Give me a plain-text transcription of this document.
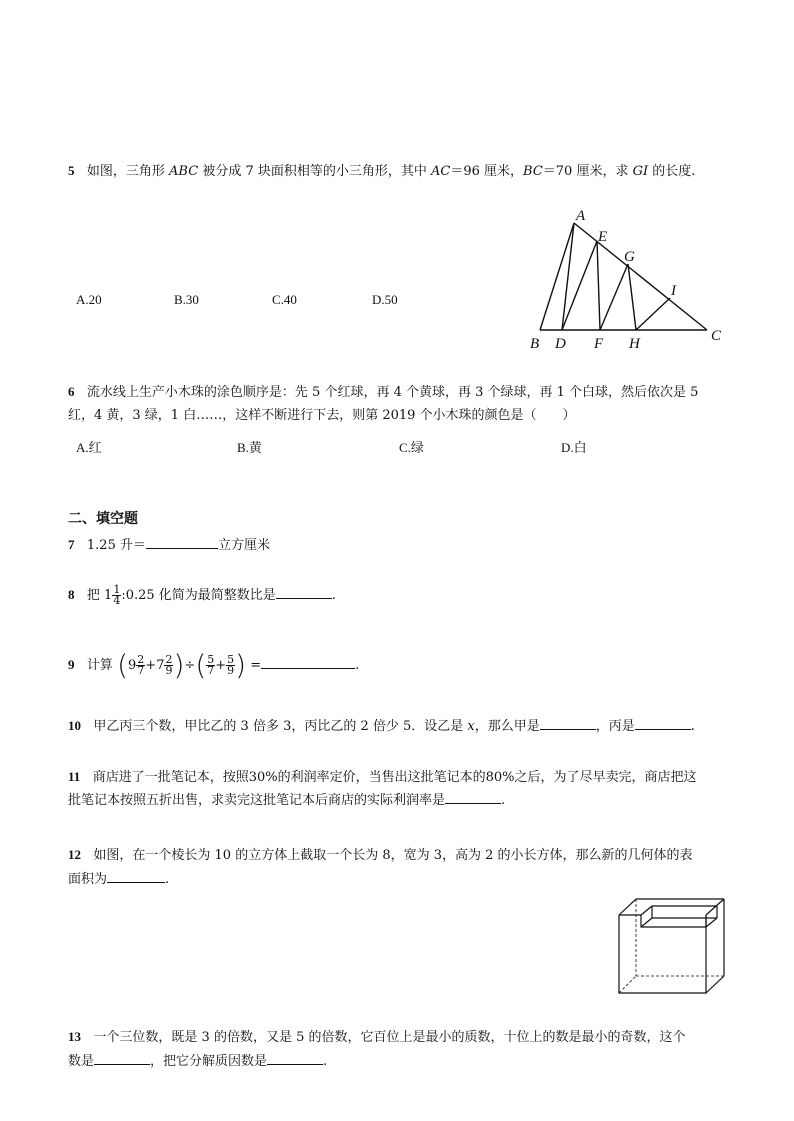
5 如图，三角形 ABC 被分成 7 块面积相等的小三角形，其中 AC＝96 厘米，BC＝70 厘米，求 GI 的长度.
A.20	B.30	C.40	D.50
A
E
G
I
B D F H	C
6 流水线上生产小木珠的涂色顺序是：先 5 个红球，再 4 个黄球，再 3 个绿球，再 1 个白球，然后依次是 5
红，4 黄，3 绿，1 白……，这样不断进行下去，则第 2019 个小木珠的颜色是（　　）
A.红	B.黄	C.绿	D.白
二、填空题
7 1.25 升＝	立方厘米
8 把 $1 \frac{1}{4}$ :0.25 化简为最简整数比是	.
9 计算 ($9 \frac{2}{7} +7 \frac{2}{9}$ )÷( $\frac{5}{7} + \frac{5}{9}$ ) =	.
10 甲乙丙三个数，甲比乙的 3 倍多 3，丙比乙的 2 倍少 5．设乙是 x，那么甲是	，丙是	.
11 商店进了一批笔记本，按照30%的利润率定价，当售出这批笔记本的80%之后，为了尽早卖完，商店把这
批笔记本按照五折出售，求卖完这批笔记本后商店的实际利润率是	.
12 如图，在一个棱长为 10 的立方体上截取一个长为 8，宽为 3，高为 2 的小长方体，那么新的几何体的表
面积为	.
13 一个三位数，既是 3 的倍数，又是 5 的倍数，它百位上是最小的质数，十位上的数是最小的奇数，这个
数是	，把它分解质因数是	.
